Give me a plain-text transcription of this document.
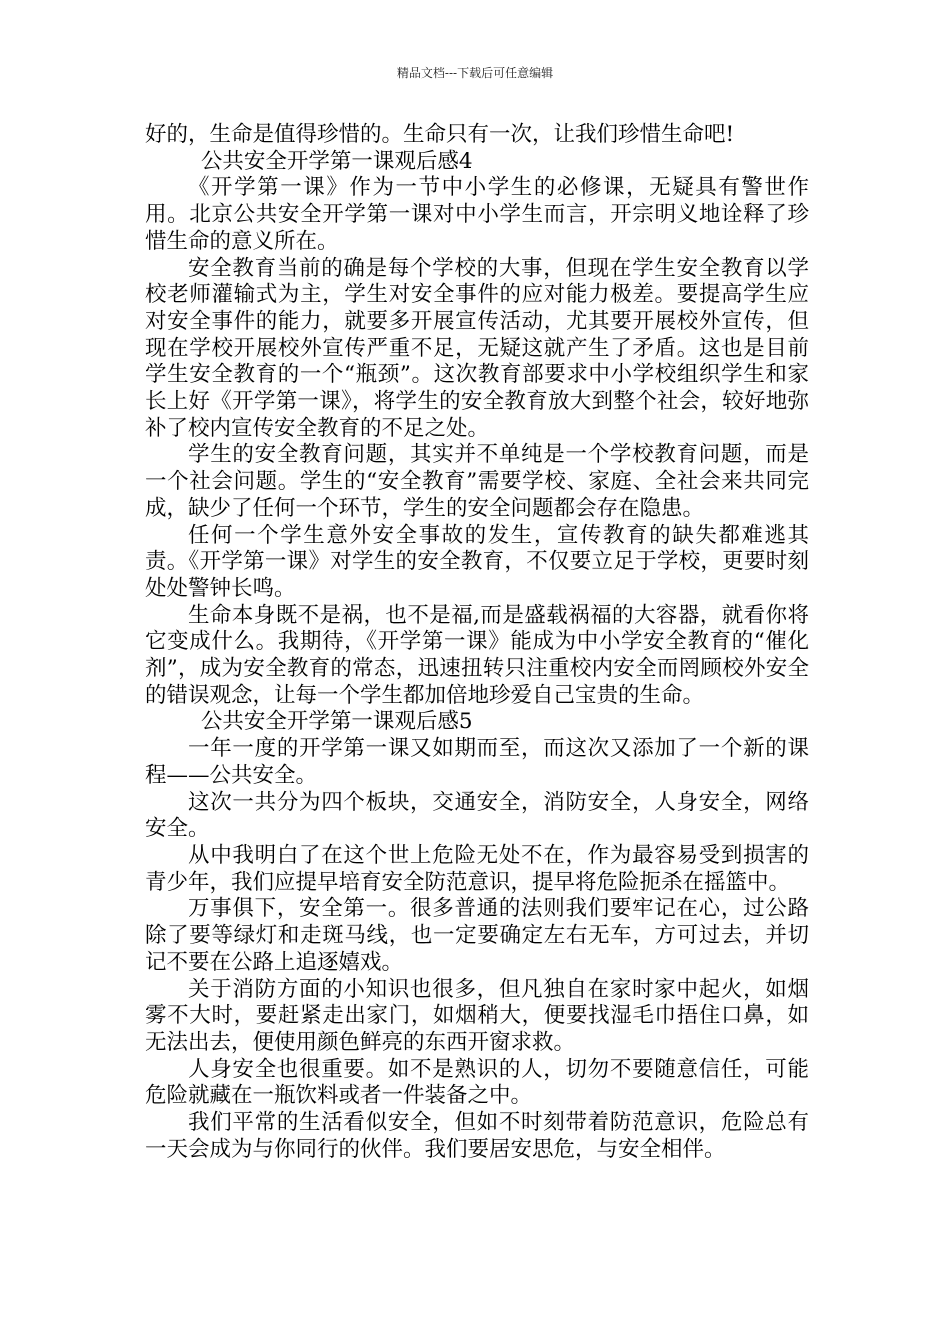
精品文档---下载后可任意编辑

好的，生命是值得珍惜的。生命只有一次，让我们珍惜生命吧!

公共安全开学第一课观后感4

《开学第一课》作为一节中小学生的必修课，无疑具有警世作用。北京公共安全开学第一课对中小学生而言，开宗明义地诠释了珍惜生命的意义所在。

安全教育当前的确是每个学校的大事，但现在学生安全教育以学校老师灌输式为主，学生对安全事件的应对能力极差。要提高学生应对安全事件的能力，就要多开展宣传活动，尤其要开展校外宣传，但现在学校开展校外宣传严重不足，无疑这就产生了矛盾。这也是目前学生安全教育的一个“瓶颈”。这次教育部要求中小学校组织学生和家长上好《开学第一课》，将学生的安全教育放大到整个社会，较好地弥补了校内宣传安全教育的不足之处。

学生的安全教育问题，其实并不单纯是一个学校教育问题，而是一个社会问题。学生的“安全教育”需要学校、家庭、全社会来共同完成，缺少了任何一个环节，学生的安全问题都会存在隐患。

任何一个学生意外安全事故的发生，宣传教育的缺失都难逃其责。《开学第一课》对学生的安全教育，不仅要立足于学校，更要时刻处处警钟长鸣。

生命本身既不是祸，也不是福,而是盛载祸福的大容器，就看你将它变成什么。我期待，《开学第一课》能成为中小学安全教育的“催化剂”，成为安全教育的常态，迅速扭转只注重校内安全而罔顾校外安全的错误观念，让每一个学生都加倍地珍爱自己宝贵的生命。

公共安全开学第一课观后感5

一年一度的开学第一课又如期而至，而这次又添加了一个新的课程——公共安全。

这次一共分为四个板块，交通安全，消防安全，人身安全，网络安全。

从中我明白了在这个世上危险无处不在，作为最容易受到损害的青少年，我们应提早培育安全防范意识，提早将危险扼杀在摇篮中。

万事俱下，安全第一。很多普通的法则我们要牢记在心，过公路除了要等绿灯和走斑马线，也一定要确定左右无车，方可过去，并切记不要在公路上追逐嬉戏。

关于消防方面的小知识也很多，但凡独自在家时家中起火，如烟雾不大时，要赶紧走出家门，如烟稍大，便要找湿毛巾捂住口鼻，如无法出去，便使用颜色鲜亮的东西开窗求救。

人身安全也很重要。如不是熟识的人，切勿不要随意信任，可能危险就藏在一瓶饮料或者一件装备之中。

我们平常的生活看似安全，但如不时刻带着防范意识，危险总有一天会成为与你同行的伙伴。我们要居安思危，与安全相伴。
